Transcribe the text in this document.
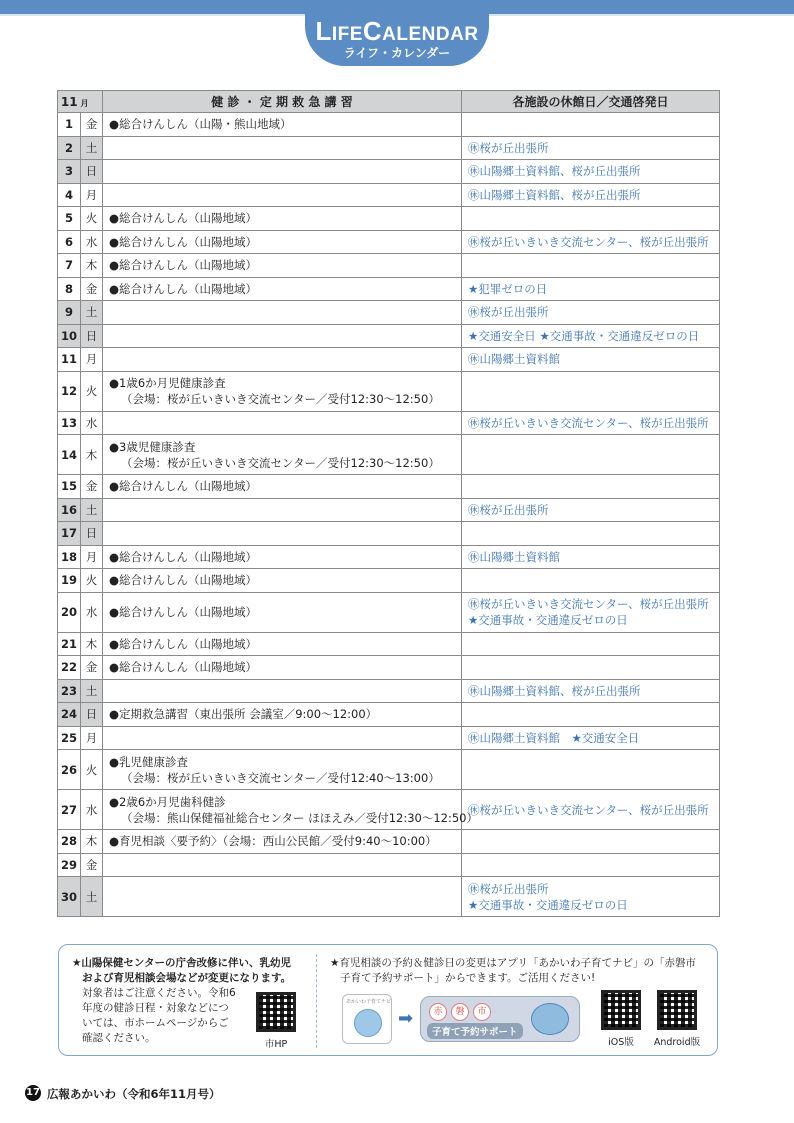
LIFECALENDAR
ライフ・カレンダー
11	月	健 診 ・ 定 期 救 急 講 習	各施設の休館日／交通啓発日
1	金	●総合けんしん（山陽・熊山地域）	

2	土		㊡桜が丘出張所

3	日		㊡山陽郷土資料館、桜が丘出張所

4	月		㊡山陽郷土資料館、桜が丘出張所

5	火	●総合けんしん（山陽地域）	

6	水	●総合けんしん（山陽地域）	㊡桜が丘いきいき交流センター、桜が丘出張所

7	木	●総合けんしん（山陽地域）	

8	金	●総合けんしん（山陽地域）	★犯罪ゼロの日

9	土		㊡桜が丘出張所

10	日		★交通安全日 ★交通事故・交通違反ゼロの日

11	月		㊡山陽郷土資料館

12	火	●1歳6か月児健康診査
（会場：桜が丘いきいき交流センター／受付12:30〜12:50）	

13	水		㊡桜が丘いきいき交流センター、桜が丘出張所

14	木	●3歳児健康診査
（会場：桜が丘いきいき交流センター／受付12:30〜12:50）	

15	金	●総合けんしん（山陽地域）	

16	土		㊡桜が丘出張所

17	日		
18	月	●総合けんしん（山陽地域）	㊡山陽郷土資料館

19	火	●総合けんしん（山陽地域）	

20	水	●総合けんしん（山陽地域）	㊡桜が丘いきいき交流センター、桜が丘出張所
★交通事故・交通違反ゼロの日

21	木	●総合けんしん（山陽地域）	

22	金	●総合けんしん（山陽地域）	

23	土		㊡山陽郷土資料館、桜が丘出張所

24	日	●定期救急講習（東出張所 会議室／9:00〜12:00）	

25	月		㊡山陽郷土資料館　★交通安全日

26	火	●乳児健康診査
（会場：桜が丘いきいき交流センター／受付12:40〜13:00）	

27	水	●2歳6か月児歯科健診
（会場：熊山保健福祉総合センター ほほえみ／受付12:30〜12:50）	㊡桜が丘いきいき交流センター、桜が丘出張所

28	木	●育児相談〈要予約〉（会場：西山公民館／受付9:40〜10:00）	

29	金		
30	土		㊡桜が丘出張所
★交通事故・交通違反ゼロの日
★山陽保健センターの庁舎改修に伴い、乳幼児
および育児相談会場などが変更になります。
対象者はご注意ください。令和6
年度の健診日程・対象などにつ
いては、市ホームページからご
確認ください。
市HP
★育児相談の予約＆健診日の変更はアプリ「あかいわ子育てナビ」の「赤磐市
子育て予約サポート」からできます。ご活用ください!
あかいわ子育てナビ
➡	赤	磐	市
子育て予約サポート
iOS版	Android版
17 広報あかいわ（令和6年11月号）
